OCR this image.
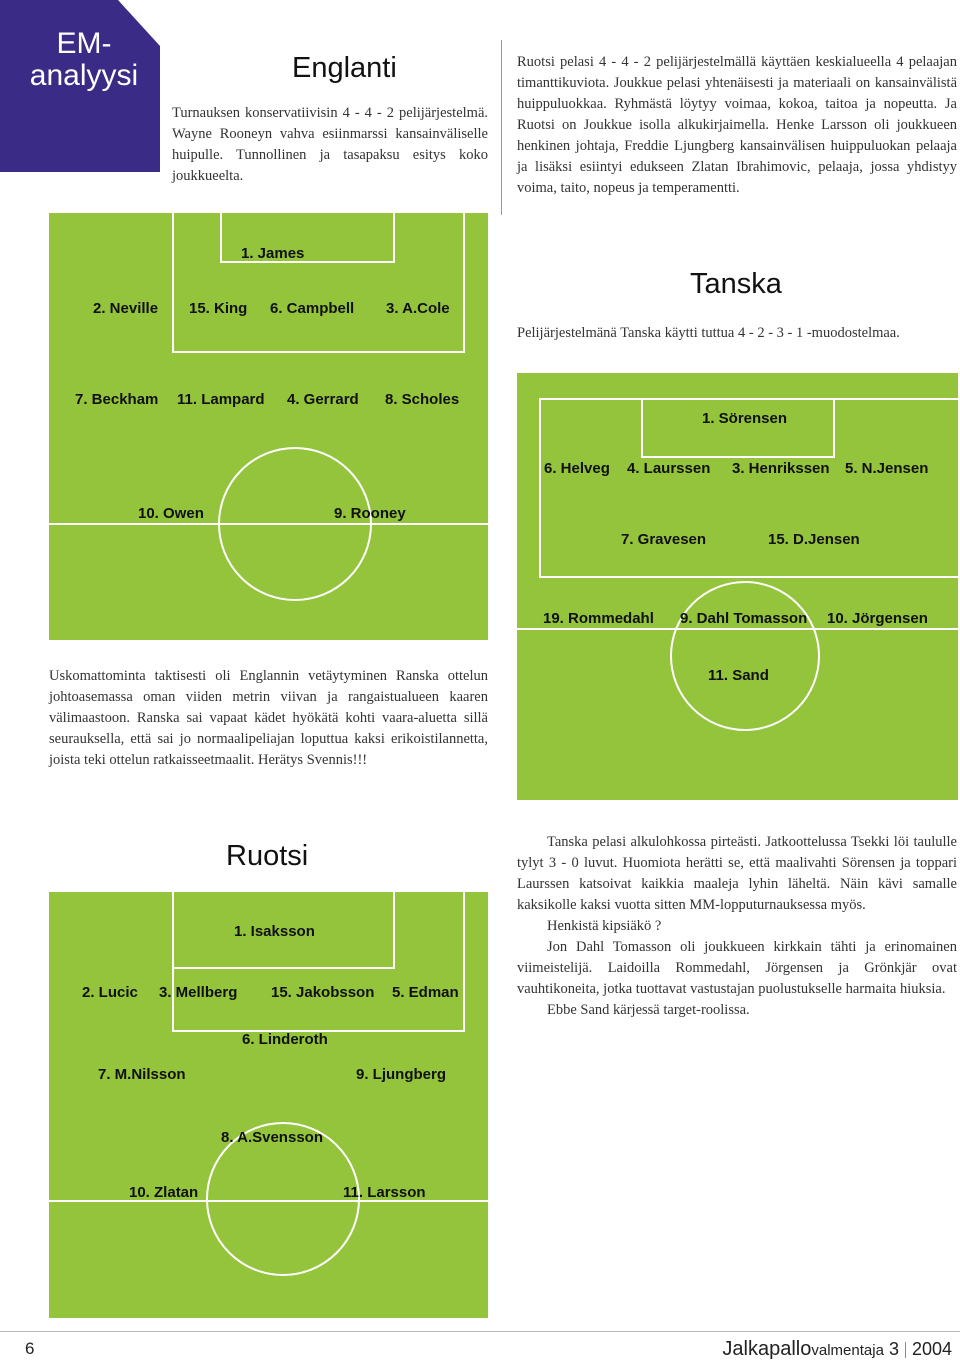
EM-
analyysi	Englanti
Turnauksen konservatiivisin 4 - 4 - 2 pelijärjestelmä. Wayne Rooneyn vahva esiinmarssi kansainväliselle huipulle. Tunnollinen ja tasapaksu esitys koko joukkueelta.
Ruotsi pelasi 4 - 4 - 2 pelijärjestelmällä käyttäen keskialueella 4 pelaajan timanttikuviota. Joukkue pelasi yhtenäisesti ja materiaali on kansainvälistä huippuluokkaa. Ryhmästä löytyy voimaa, kokoa, taitoa ja nopeutta. Ja Ruotsi on Joukkue isolla alkukirjaimella. Henke Larsson oli joukkueen henkinen johtaja, Freddie Ljungberg kansainvälisen huippuluokan pelaaja ja lisäksi esiintyi edukseen Zlatan Ibrahimovic, pelaaja, jossa yhdistyy voima, taito, nopeus ja temperamentti.
1. James
2. Neville 15. King 6. Campbell 3. A.Cole
7. Beckham 11. Lampard 4. Gerrard 8. Scholes
10. Owen	9. Rooney
Uskomattominta taktisesti oli Englannin vetäytyminen Ranska ottelun johtoasemassa oman viiden metrin viivan ja rangaistualueen kaaren välimaastoon. Ranska sai vapaat kädet hyökätä kohti vaara-aluetta sillä seurauksella, että sai jo normaalipeliajan loputtua kaksi erikoistilannetta, joista teki ottelun ratkaisseetmaalit. Herätys Svennis!!!
Tanska
Pelijärjestelmänä Tanska käytti tuttua 4 - 2 - 3 - 1 -muodostelmaa.
1. Sörensen
6. Helveg 4. Laurssen 3. Henrikssen 5. N.Jensen
7. Gravesen	15. D.Jensen
19. Rommedahl 9. Dahl Tomasson 10. Jörgensen
11. Sand

Tanska pelasi alkulohkossa pirteästi. Jatkoottelussa Tsekki löi taululle tylyt 3 - 0 luvut. Huomiota herätti se, että maalivahti Sörensen ja toppari Laurssen katsoivat kaikkia maaleja lyhin läheltä. Näin kävi samalle kaksikolle kaksi vuotta sitten MM-lopputurnauksessa myös.

Henkistä kipsiäkö ?

Jon Dahl Tomasson oli joukkueen kirkkain tähti ja erinomainen viimeistelijä. Laidoilla Rommedahl, Jörgensen ja Grönkjär ovat vauhtikoneita, jotka tuottavat vastustajan puolustukselle harmaita hiuksia.

Ebbe Sand kärjessä target-roolissa.

Ruotsi
1. Isaksson
2. Lucic 3. Mellberg 15. Jakobsson 5. Edman
6. Linderoth
7. M.Nilsson	9. Ljungberg
8. A.Svensson
10. Zlatan	11. Larsson
6	Jalkapallovalmentaja 3 2004
